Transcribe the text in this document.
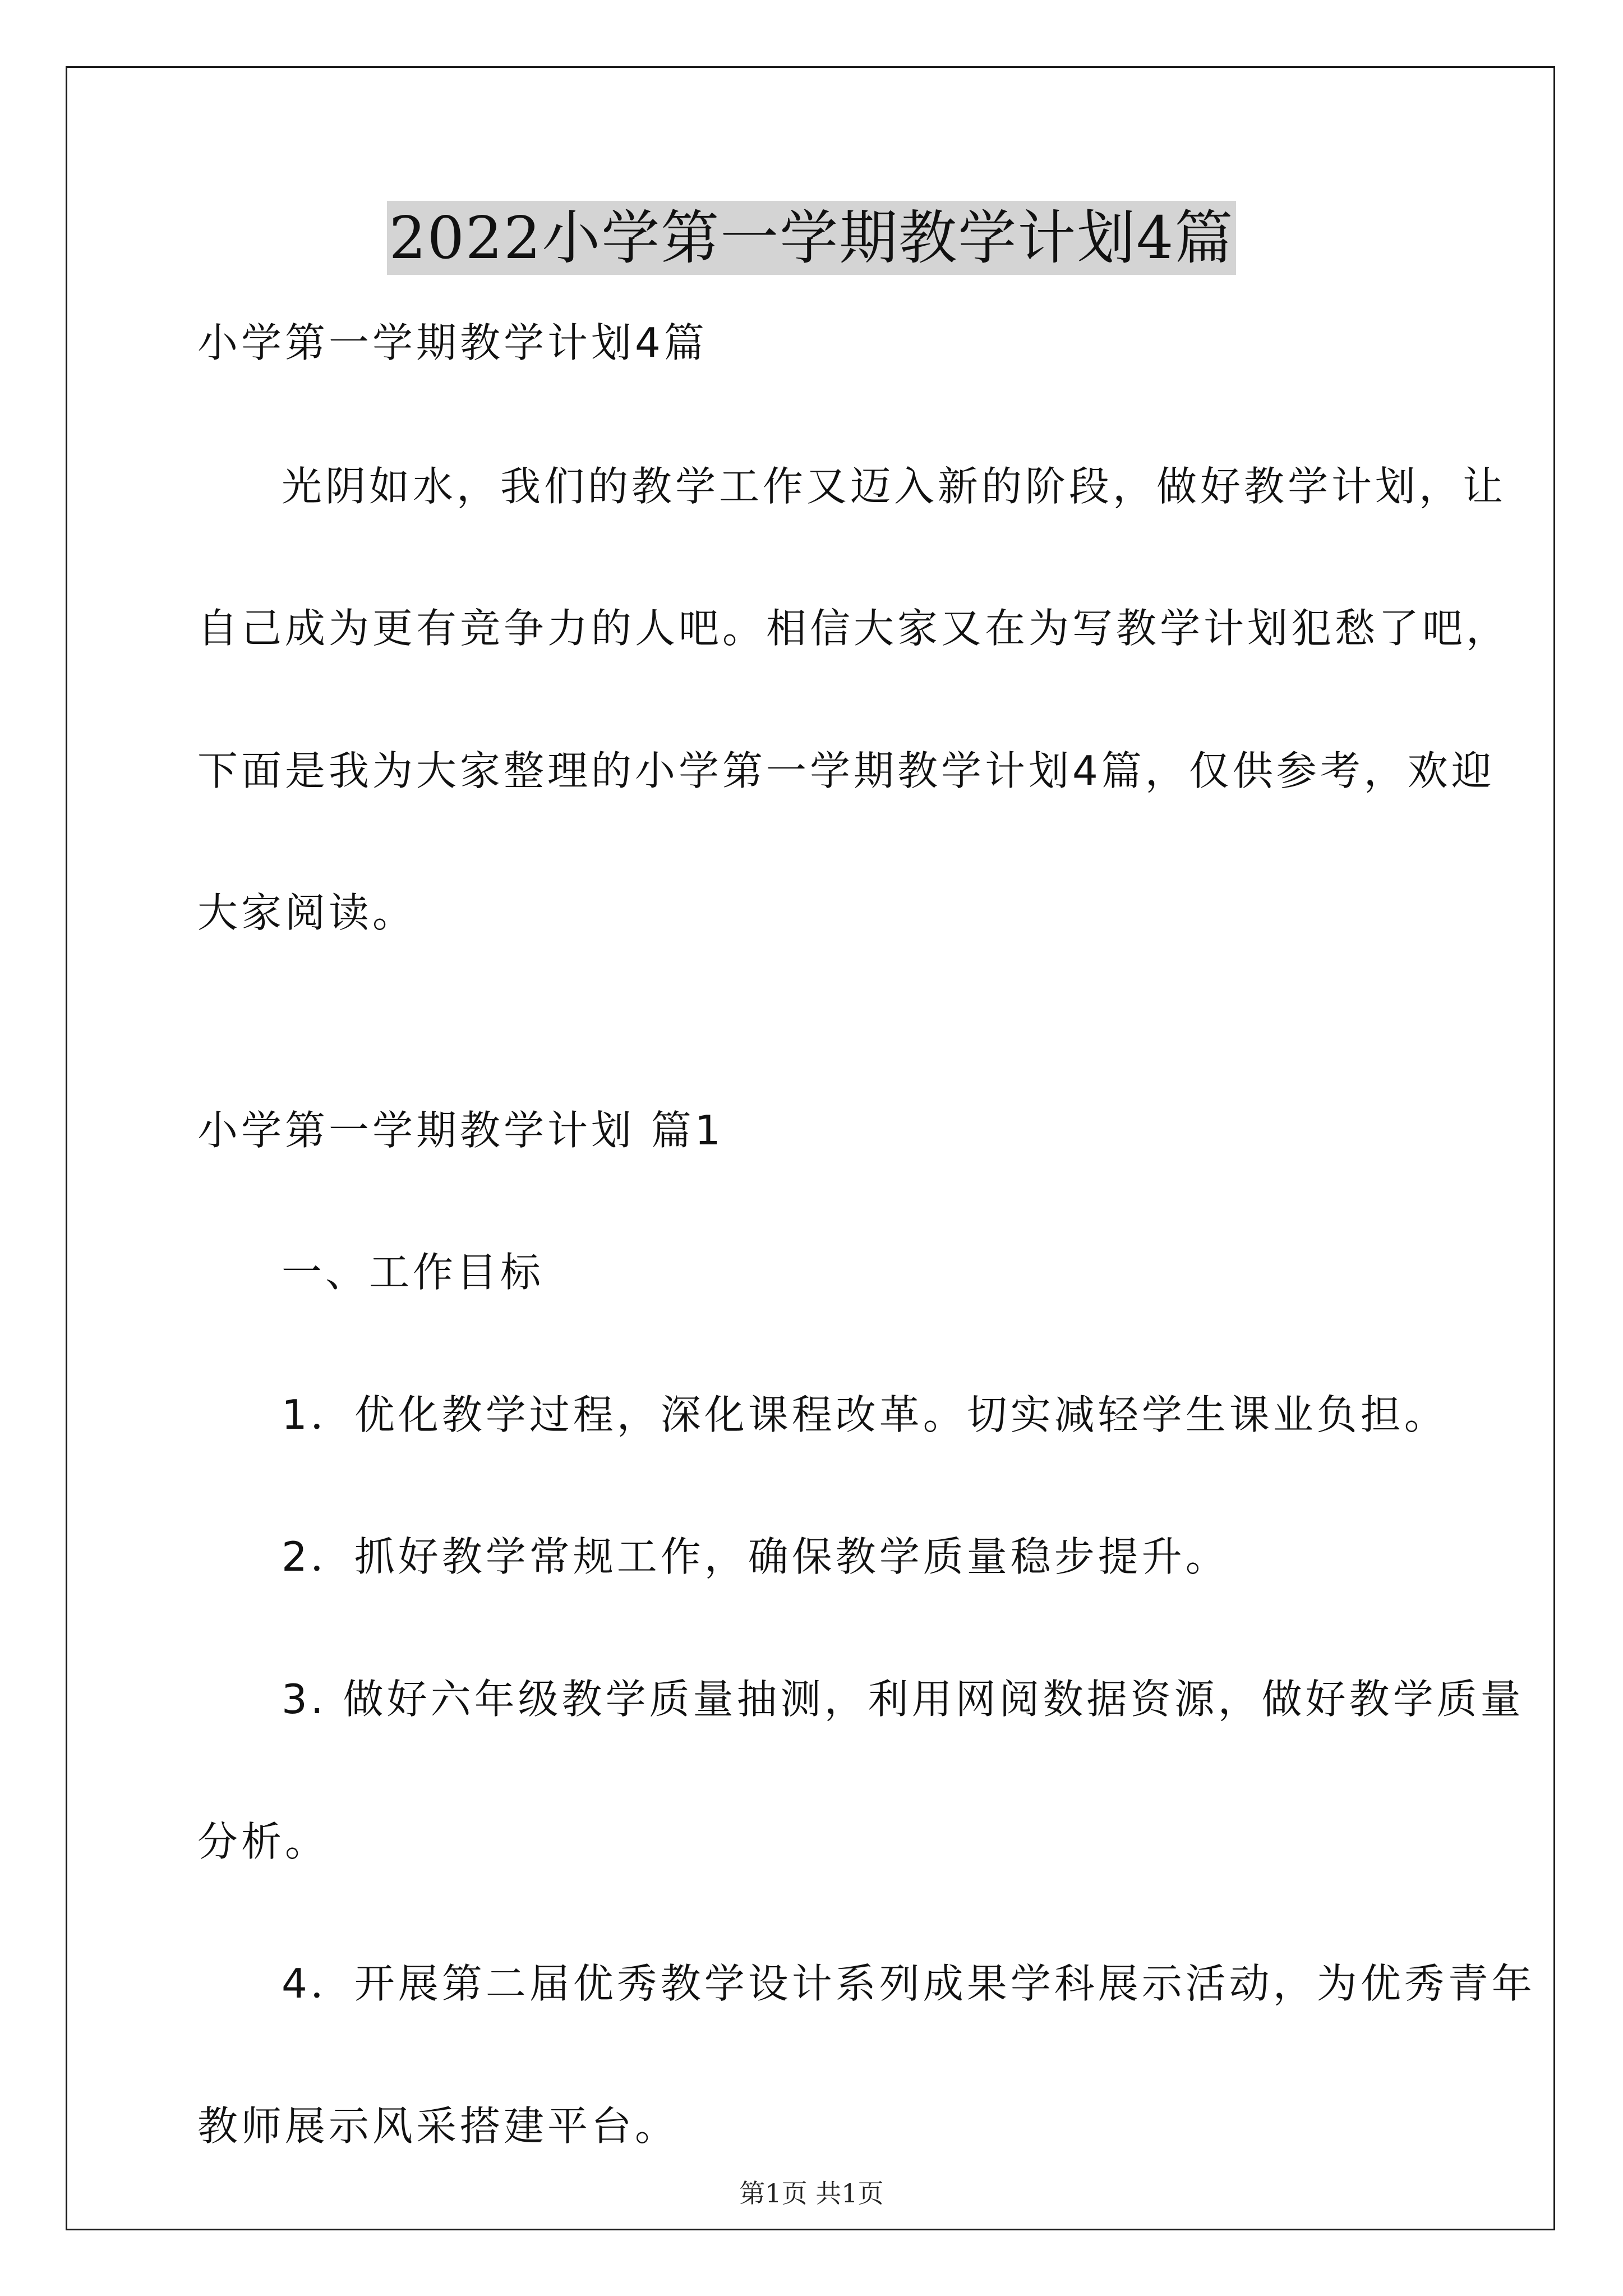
2022小学第一学期教学计划4篇
小学第一学期教学计划4篇
光阴如水，我们的教学工作又迈入新的阶段，做好教学计划，让
自己成为更有竞争力的人吧。相信大家又在为写教学计划犯愁了吧，
下面是我为大家整理的小学第一学期教学计划4篇，仅供参考，欢迎
大家阅读。
小学第一学期教学计划 篇1
一、工作目标
1．优化教学过程，深化课程改革。切实减轻学生课业负担。
2．抓好教学常规工作，确保教学质量稳步提升。
3. 做好六年级教学质量抽测，利用网阅数据资源，做好教学质量
分析。
4．开展第二届优秀教学设计系列成果学科展示活动，为优秀青年
教师展示风采搭建平台。
第1页 共1页
